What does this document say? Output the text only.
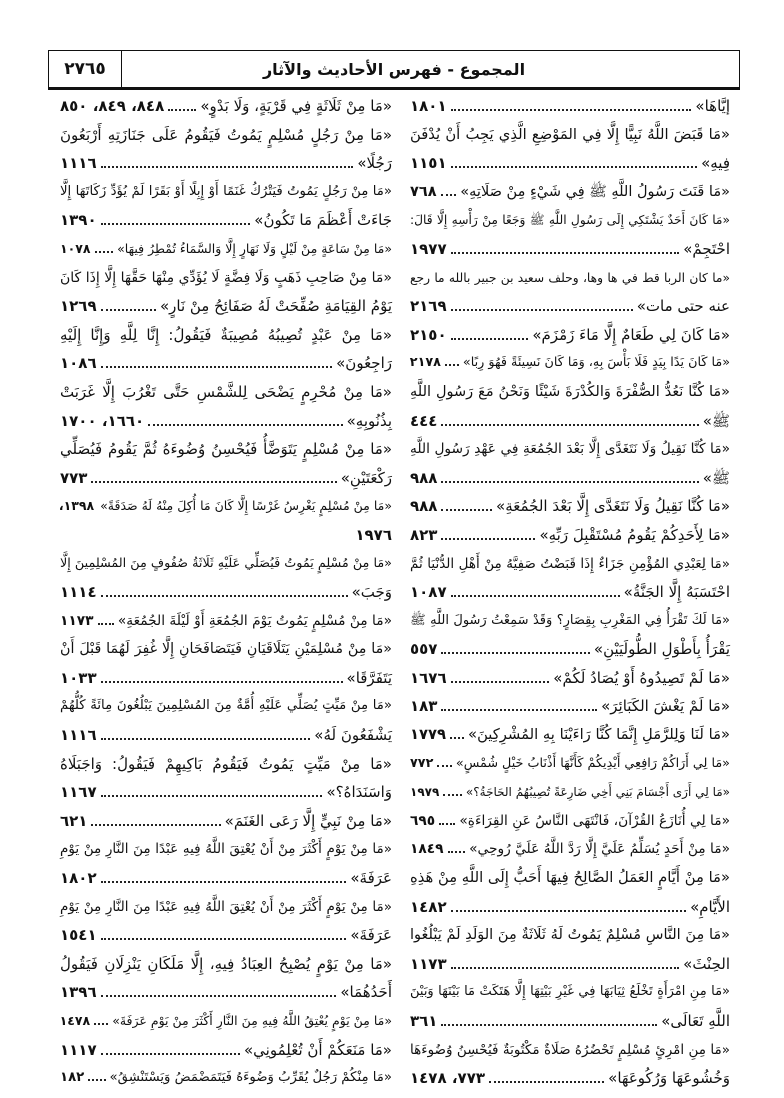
٢٧٦٥	المجموع - فهرس الأحاديث والآثار
إيَّاهَا»
١٨٠١
«مَا قَبَضَ اللَّهُ نَبِيًّا إِلَّا فِي المَوْضِعِ الَّذِي يَجِبُ أَنْ يُدْفَنَ
فِيهِ»
١١٥١
«مَا قَنَتَ رَسُولُ اللَّهِ ﷺ فِي شَيْءٍ مِنْ صَلَاتِهِ»
٧٦٨
«مَا كَانَ أَحَدٌ يَشْتَكِي إِلَى رَسُولِ اللَّهِ ﷺ وَجَعًا مِنْ رَأْسِهِ إِلَّا قَالَ:
احْتَجِمْ»
١٩٧٧
«ما كان الربا قط في ها وها، وحلف سعيد بن جبير بالله ما رجع
عنه حتى مات»
٢١٦٩
«مَا كَانَ لِي طَعَامٌ إِلَّا مَاءَ زَمْزَمَ»
٢١٥٠
«مَا كَانَ يَدًا بِيَدٍ فَلَا بَأْسَ بِهِ، وَمَا كَانَ نَسِيئَةً فَهُوَ رِبًا»
٢١٧٨
«مَا كُنَّا نَعُدُّ الصُّفْرَةَ وَالكُدْرَةَ شَيْئًا وَنَحْنُ مَعَ رَسُولِ اللَّهِ
ﷺ»
٤٤٤
«مَا كُنَّا نَقِيلُ وَلَا نَتَغَدَّى إِلَّا بَعْدَ الجُمُعَةِ فِي عَهْدِ رَسُولِ اللَّهِ
ﷺ»
٩٨٨
«مَا كُنَّا نَقِيلُ وَلَا نَتَغَدَّى إِلَّا بَعْدَ الجُمُعَةِ»
٩٨٨
«مَا لِأَحَدِكُمْ يَقُومُ مُسْتَقْبِلَ رَبِّهِ»
٨٢٣
«مَا لِعَبْدِي المُؤْمِنِ جَزَاءٌ إِذَا قَبَضْتُ صَفِيَّهُ مِنْ أَهْلِ الدُّنْيَا ثُمَّ
احْتَسَبَهُ إِلَّا الجَنَّةُ»
١٠٨٧
«مَا لَكَ تَقْرَأُ فِي المَغْرِبِ بِقِصَارٍ؟ وَقَدْ سَمِعْتُ رَسُولَ اللَّهِ ﷺ
يَقْرَأُ بِأَطْوَلِ الطُّولَيَيْنِ»
٥٥٧
«مَا لَمْ تَصِيدُوهُ أَوْ يُصَادُ لَكُمْ»
١٦٧٦
«مَا لَمْ يَغْشَ الكَبَائِرَ»
١٨٣
«مَا لَنَا وَلِلرَّمَلِ إِنَّمَا كُنَّا رَاءَيْنَا بِهِ المُشْرِكِينَ»
١٧٧٩
«مَا لِي أَرَاكُمْ رَافِعِي أَيْدِيكُمْ كَأَنَّهَا أَذْنَابُ خَيْلٍ شُمْسٍ»
٧٧٢
«مَا لِي أَرَى أَجْسَامَ بَنِي أَخِي ضَارِعَةً تُصِيبُهُمُ الحَاجَةُ؟»
١٩٧٩
«مَا لِي أُنَازَعُ القُرْآنَ، فَانْتَهَى النَّاسُ عَنِ القِرَاءَةِ»
٦٩٥
«مَا مِنْ أَحَدٍ يُسَلِّمُ عَلَيَّ إِلَّا رَدَّ اللَّهُ عَلَيَّ رُوحِي»
١٨٤٩
«مَا مِنْ أَيَّامٍ العَمَلُ الصَّالِحُ فِيهَا أَحَبُّ إِلَى اللَّهِ مِنْ هَذِهِ
الأَيَّامِ»
١٤٨٢
«مَا مِنَ النَّاسِ مُسْلِمٌ يَمُوتُ لَهُ ثَلَاثَةٌ مِنَ الوَلَدِ لَمْ يَبْلُغُوا
الحِنْثَ»
١١٧٣
«مَا مِنِ امْرَأَةٍ تَخْلَعُ ثِيَابَهَا فِي غَيْرِ بَيْتِهَا إِلَّا هَتَكَتْ مَا بَيْنَهَا وَبَيْنَ
اللَّهِ تَعَالَى»
٣٦١
«مَا مِنِ امْرِئٍ مُسْلِمٍ تَحْضُرُهُ صَلَاةٌ مَكْتُوبَةٌ فَيُحْسِنُ وُضُوءَهَا
وَخُشُوعَهَا وَرُكُوعَهَا»
٧٧٣، ١٤٧٨
«مَا مِنْ ثَلَاثَةٍ فِي قَرْيَةٍ، وَلَا بَدْوٍ»
٨٤٨، ٨٤٩، ٨٥٠
«مَا مِنْ رَجُلٍ مُسْلِمٍ يَمُوتُ فَيَقُومُ عَلَى جَنَازَتِهِ أَرْبَعُونَ
رَجُلًا»
١١١٦
«مَا مِنْ رَجُلٍ يَمُوتُ فَيَتْرُكُ غَنَمًا أَوْ إِبِلًا أَوْ بَقَرًا لَمْ يُؤَدِّ زَكَاتَهَا إِلَّا
جَاءَتْ أَعْظَمَ مَا تَكُونُ»
١٣٩٠
«مَا مِنْ سَاعَةٍ مِنْ لَيْلٍ وَلَا نَهَارٍ إِلَّا وَالسَّمَاءُ تُمْطِرُ فِيهَا»
١٠٧٨
«مَا مِنْ صَاحِبِ ذَهَبٍ وَلَا فِضَّةٍ لَا يُؤَدِّي مِنْهَا حَقَّهَا إِلَّا إِذَا كَانَ
يَوْمُ القِيَامَةِ صُفِّحَتْ لَهُ صَفَائِحُ مِنْ نَارٍ»
١٢٦٩
«مَا مِنْ عَبْدٍ تُصِيبُهُ مُصِيبَةٌ فَيَقُولُ: إِنَّا لِلَّهِ وَإِنَّا إِلَيْهِ
رَاجِعُونَ»
١٠٨٦
«مَا مِنْ مُحْرِمٍ يَضْحَى لِلشَّمْسِ حَتَّى تَغْرُبَ إِلَّا غَرَبَتْ
بِذُنُوبِهِ»
١٦٦٠، ١٧٠٠
«مَا مِنْ مُسْلِمٍ يَتَوَضَّأُ فَيُحْسِنُ وُضُوءَهُ ثُمَّ يَقُومُ فَيُصَلِّي
رَكْعَتَيْنِ»
٧٧٣
«مَا مِنْ مُسْلِمٍ يَغْرِسُ غَرْسًا إِلَّا كَانَ مَا أُكِلَ مِنْهُ لَهُ صَدَقَةً»
١٣٩٨،
١٩٧٦
«مَا مِنْ مُسْلِمٍ يَمُوتُ فَيُصَلِّي عَلَيْهِ ثَلَاثَةُ صُفُوفٍ مِنَ المُسْلِمِينَ إِلَّا
وَجَبَ»
١١١٤
«مَا مِنْ مُسْلِمٍ يَمُوتُ يَوْمَ الجُمُعَةِ أَوْ لَيْلَةَ الجُمُعَةِ»
١١٧٣
«مَا مِنْ مُسْلِمَيْنِ يَتَلَاقَيَانِ فَيَتَصَافَحَانِ إِلَّا غُفِرَ لَهُمَا قَبْلَ أَنْ
يَتَفَرَّقَا»
١٠٣٣
«مَا مِنْ مَيِّتٍ يُصَلِّي عَلَيْهِ أُمَّةٌ مِنَ المُسْلِمِينَ يَبْلُغُونَ مِائَةً كُلُّهُمْ
يَشْفَعُونَ لَهُ»
١١١٦
«مَا مِنْ مَيِّتٍ يَمُوتُ فَيَقُومُ بَاكِيهِمْ فَيَقُولُ: وَاجَبَلَاهُ
وَاسَنَدَاهُ؟»
١١٦٧
«مَا مِنْ نَبِيٍّ إِلَّا رَعَى الغَنَمَ»
٦٢١
«مَا مِنْ يَوْمٍ أَكْثَرَ مِنْ أَنْ يُعْتِقَ اللَّهُ فِيهِ عَبْدًا مِنَ النَّارِ مِنْ يَوْمِ
عَرَفَةَ»
١٨٠٢
«مَا مِنْ يَوْمٍ أَكْثَرَ مِنْ أَنْ يُعْتِقَ اللَّهُ فِيهِ عَبْدًا مِنَ النَّارِ مِنْ يَوْمِ
عَرَفَةَ»
١٥٤١
«مَا مِنْ يَوْمٍ يُصْبِحُ العِبَادُ فِيهِ، إِلَّا مَلَكَانِ يَنْزِلَانِ فَيَقُولُ
أَحَدُهُمَا»
١٣٩٦
«مَا مِنْ يَوْمٍ يُعْتِقُ اللَّهُ فِيهِ مِنَ النَّارِ أَكْثَرَ مِنْ يَوْمِ عَرَفَةَ»
١٤٧٨
«مَا مَنَعَكُمْ أَنْ تُعْلِمُونِي»
١١١٧
«مَا مِنْكُمْ رَجُلٌ يُقَرِّبُ وَضُوءَهُ فَيَتَمَضْمَضُ وَيَسْتَنْشِقُ»
١٨٢
